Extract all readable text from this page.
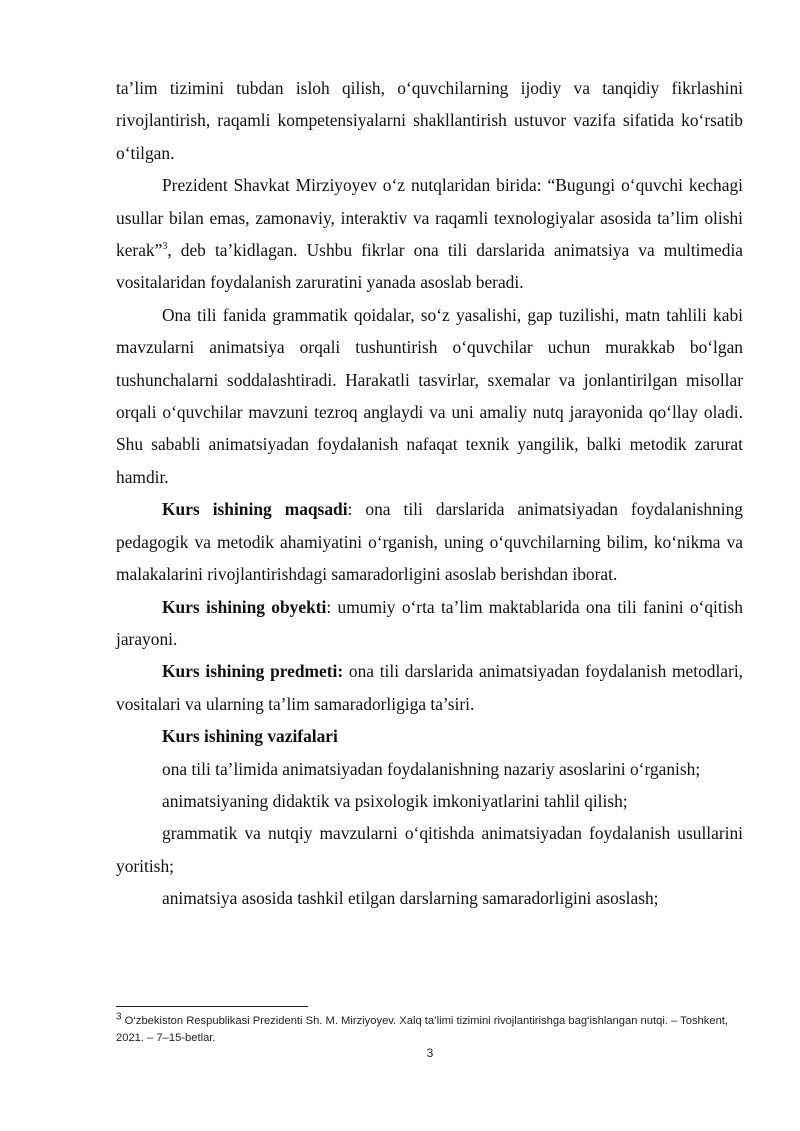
ta’lim tizimini tubdan isloh qilish, o‘quvchilarning ijodiy va tanqidiy fikrlashini rivojlantirish, raqamli kompetensiyalarni shakllantirish ustuvor vazifa sifatida ko‘rsatib o‘tilgan.

Prezident Shavkat Mirziyoyev o‘z nutqlaridan birida: “Bugungi o‘quvchi kechagi usullar bilan emas, zamonaviy, interaktiv va raqamli texnologiyalar asosida ta’lim olishi kerak”$^3$, deb ta’kidlagan. Ushbu fikrlar ona tili darslarida animatsiya va multimedia vositalaridan foydalanish zaruratini yanada asoslab beradi.

Ona tili fanida grammatik qoidalar, so‘z yasalishi, gap tuzilishi, matn tahlili kabi mavzularni animatsiya orqali tushuntirish o‘quvchilar uchun murakkab bo‘lgan tushunchalarni soddalashtiradi. Harakatli tasvirlar, sxemalar va jonlantirilgan misollar orqali o‘quvchilar mavzuni tezroq anglaydi va uni amaliy nutq jarayonida qo‘llay oladi. Shu sababli animatsiyadan foydalanish nafaqat texnik yangilik, balki metodik zarurat hamdir.

Kurs ishining maqsadi: ona tili darslarida animatsiyadan foydalanishning pedagogik va metodik ahamiyatini o‘rganish, uning o‘quvchilarning bilim, ko‘nikma va malakalarini rivojlantirishdagi samaradorligini asoslab berishdan iborat.

Kurs ishining obyekti: umumiy o‘rta ta’lim maktablarida ona tili fanini o‘qitish jarayoni.

Kurs ishining predmeti: ona tili darslarida animatsiyadan foydalanish metodlari, vositalari va ularning ta’lim samaradorligiga ta’siri.

Kurs ishining vazifalari

ona tili ta’limida animatsiyadan foydalanishning nazariy asoslarini o‘rganish;

animatsiyaning didaktik va psixologik imkoniyatlarini tahlil qilish;

grammatik va nutqiy mavzularni o‘qitishda animatsiyadan foydalanish usullarini yoritish;

animatsiya asosida tashkil etilgan darslarning samaradorligini asoslash;

$^3$ O‘zbekiston Respublikasi Prezidenti Sh. M. Mirziyoyev. Xalq ta’limi tizimini rivojlantirishga bag‘ishlangan nutqi. – Toshkent, 2021. – 7–15-betlar.
3
